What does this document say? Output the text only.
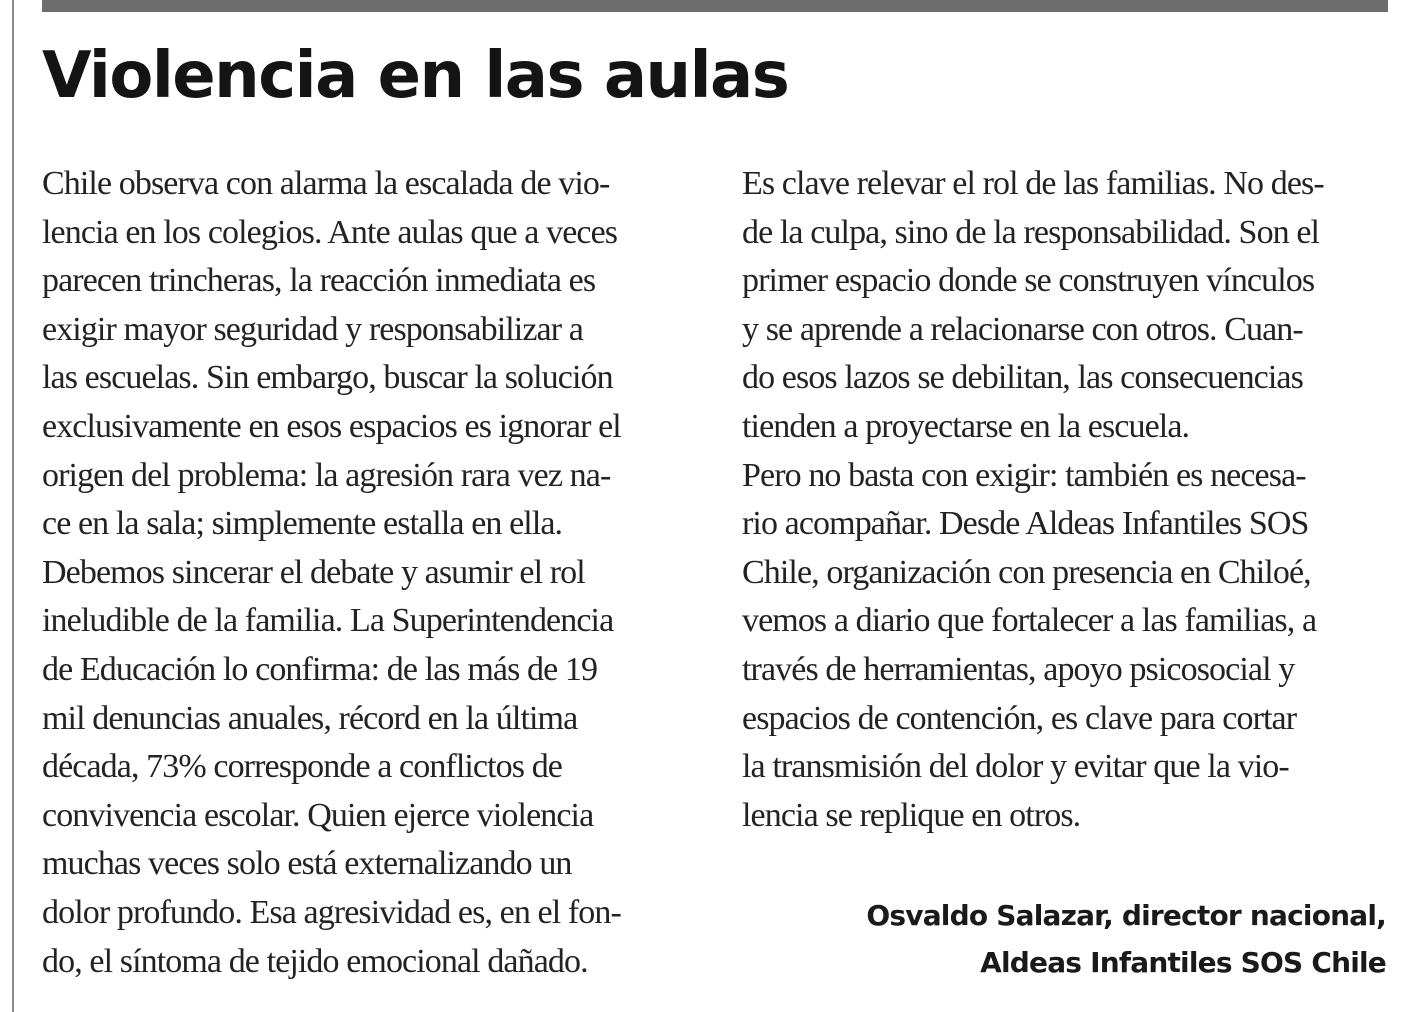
Violencia en las aulas
Chile observa con alarma la escalada de vio-
lencia en los colegios. Ante aulas que a veces
parecen trincheras, la reacción inmediata es
exigir mayor seguridad y responsabilizar a
las escuelas. Sin embargo, buscar la solución
exclusivamente en esos espacios es ignorar el
origen del problema: la agresión rara vez na-
ce en la sala; simplemente estalla en ella.
Debemos sincerar el debate y asumir el rol
ineludible de la familia. La Superintendencia
de Educación lo confirma: de las más de 19
mil denuncias anuales, récord en la última
década, 73% corresponde a conflictos de
convivencia escolar. Quien ejerce violencia
muchas veces solo está externalizando un
dolor profundo. Esa agresividad es, en el fon-
do, el síntoma de tejido emocional dañado.
Es clave relevar el rol de las familias. No des-
de la culpa, sino de la responsabilidad. Son el
primer espacio donde se construyen vínculos
y se aprende a relacionarse con otros. Cuan-
do esos lazos se debilitan, las consecuencias
tienden a proyectarse en la escuela.
Pero no basta con exigir: también es necesa-
rio acompañar. Desde Aldeas Infantiles SOS
Chile, organización con presencia en Chiloé,
vemos a diario que fortalecer a las familias, a
través de herramientas, apoyo psicosocial y
espacios de contención, es clave para cortar
la transmisión del dolor y evitar que la vio-
lencia se replique en otros.
Osvaldo Salazar, director nacional,
Aldeas Infantiles SOS Chile
